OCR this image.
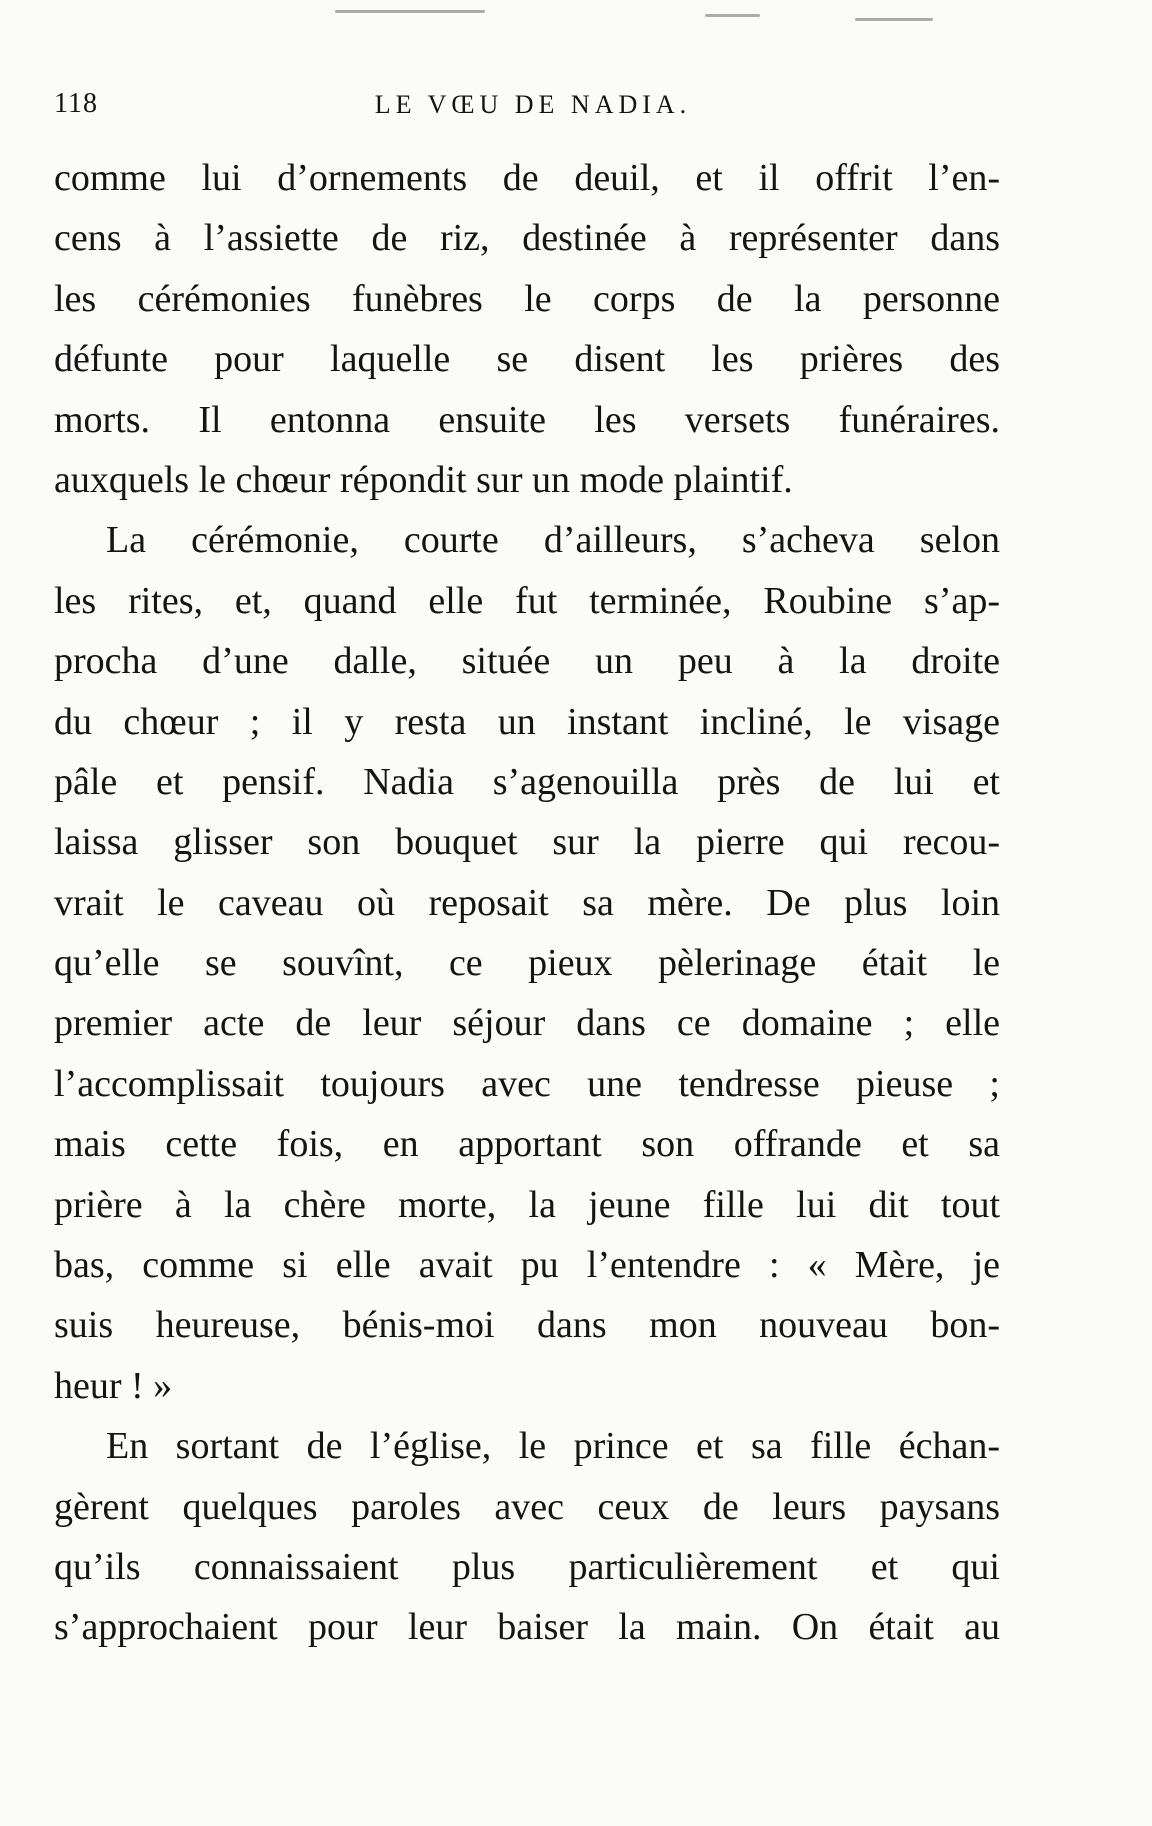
118	LE VŒU DE NADIA.
comme lui d’ornements de deuil, et il offrit l’en-
cens à l’assiette de riz, destinée à représenter dans
les cérémonies funèbres le corps de la personne
défunte pour laquelle se disent les prières des
morts. Il entonna ensuite les versets funéraires.
auxquels le chœur répondit sur un mode plaintif.
La cérémonie, courte d’ailleurs, s’acheva selon
les rites, et, quand elle fut terminée, Roubine s’ap-
procha d’une dalle, située un peu à la droite
du chœur ; il y resta un instant incliné, le visage
pâle et pensif. Nadia s’agenouilla près de lui et
laissa glisser son bouquet sur la pierre qui recou-
vrait le caveau où reposait sa mère. De plus loin
qu’elle se souvînt, ce pieux pèlerinage était le
premier acte de leur séjour dans ce domaine ; elle
l’accomplissait toujours avec une tendresse pieuse ;
mais cette fois, en apportant son offrande et sa
prière à la chère morte, la jeune fille lui dit tout
bas, comme si elle avait pu l’entendre : « Mère, je
suis heureuse, bénis-moi dans mon nouveau bon-
heur ! »
En sortant de l’église, le prince et sa fille échan-
gèrent quelques paroles avec ceux de leurs paysans
qu’ils connaissaient plus particulièrement et qui
s’approchaient pour leur baiser la main. On était au
